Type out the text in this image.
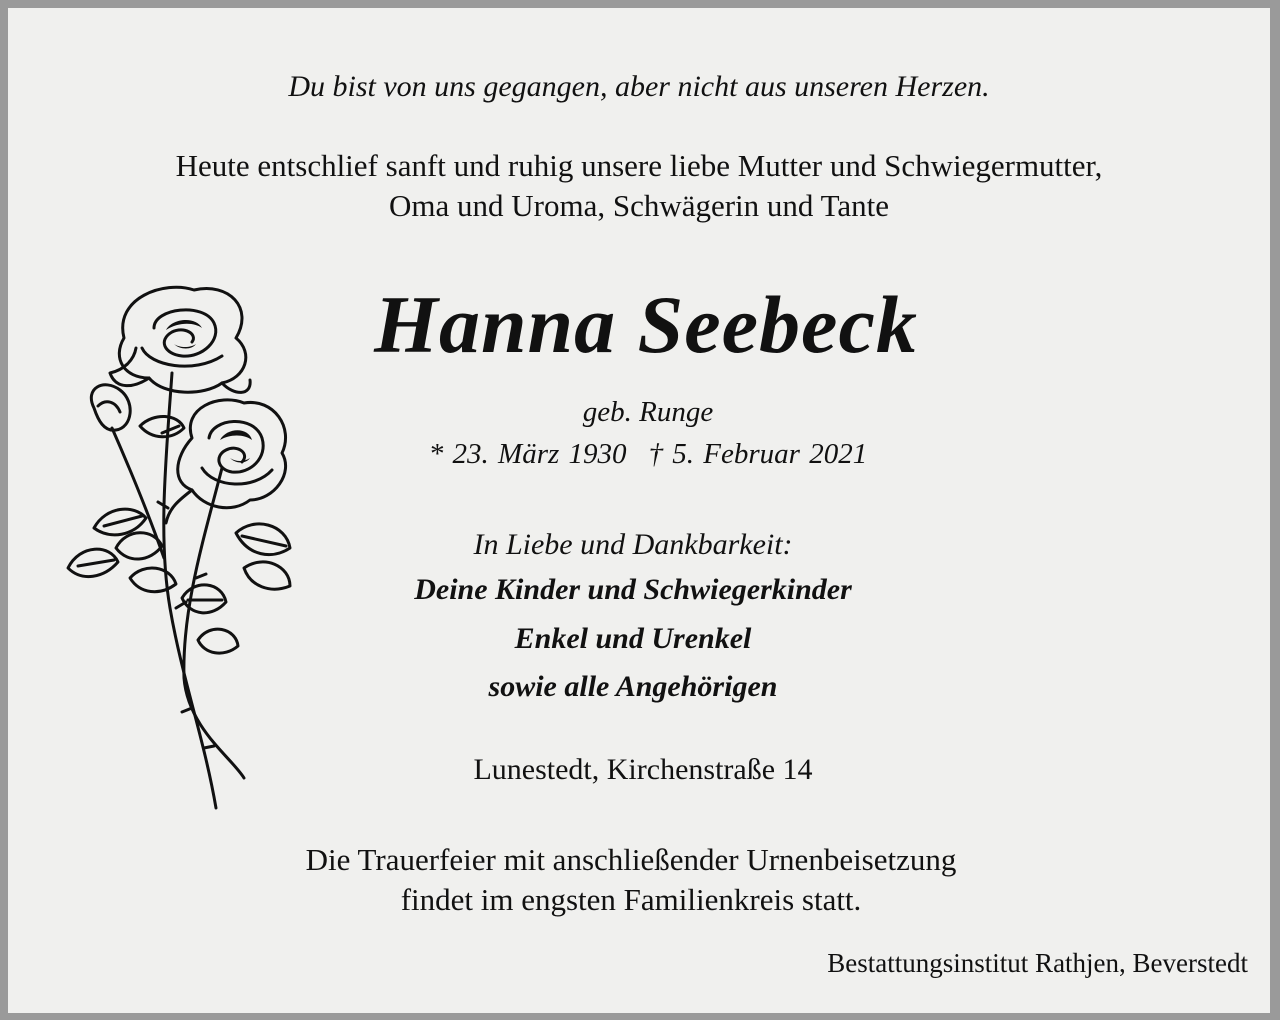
Du bist von uns gegangen, aber nicht aus unseren Herzen.

Heute entschlief sanft und ruhig unsere liebe Mutter und Schwiegermutter,
Oma und Uroma, Schwägerin und Tante

Hanna Seebeck

geb. Runge

* 23. März 1930 † 5. Februar 2021

In Liebe und Dankbarkeit:

Deine Kinder und Schwiegerkinder

Enkel und Urenkel

sowie alle Angehörigen

Lunestedt, Kirchenstraße 14

Die Trauerfeier mit anschließender Urnenbeisetzung
findet im engsten Familienkreis statt.

Bestattungsinstitut Rathjen, Beverstedt
